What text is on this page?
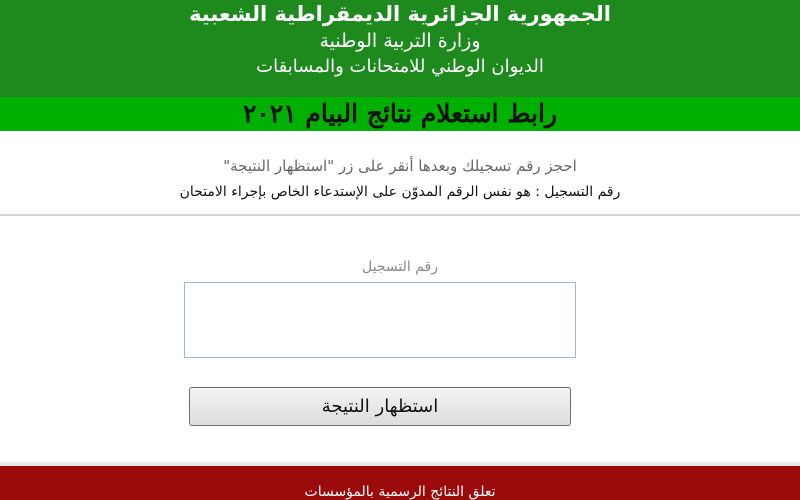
الجمهورية الجزائرية الديمقراطية الشعبية
وزارة التربية الوطنية
الديوان الوطني للامتحانات والمسابقات
رابط استعلام نتائج البيام ٢٠٢١
احجز رقم تسجيلك وبعدها أنقر على زر "استظهار النتيجة"
رقم التسجيل : هو نفس الرقم المدوّن على الإستدعاء الخاص بإجراء الامتحان
رقم التسجيل
استظهار النتيجة
تعلق النتائج الرسمية بالمؤسسات
